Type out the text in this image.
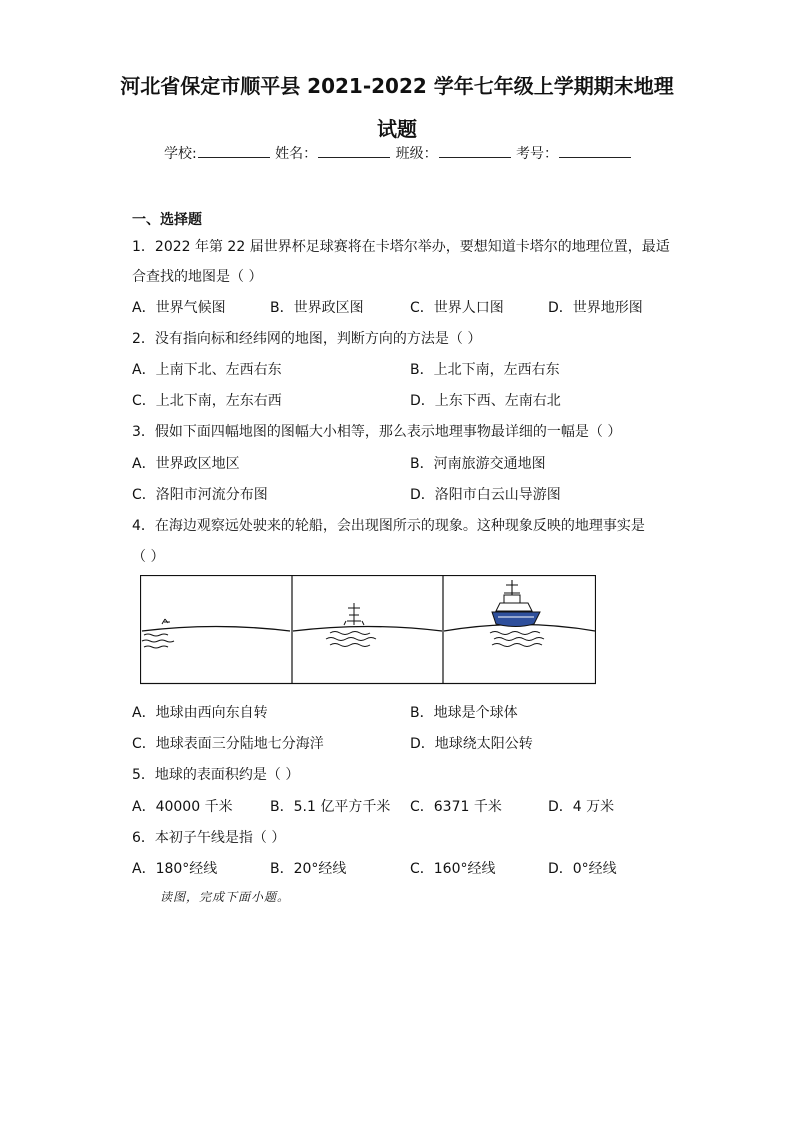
河北省保定市顺平县 2021-2022 学年七年级上学期期末地理
试题
学校:	姓名：	班级：	考号：
一、选择题
1．2022 年第 22 届世界杯足球赛将在卡塔尔举办，要想知道卡塔尔的地理位置，最适
合查找的地图是（ ）
A．世界气候图	B．世界政区图	C．世界人口图	D．世界地形图
2．没有指向标和经纬网的地图，判断方向的方法是（ ）
A．上南下北、左西右东	B．上北下南，左西右东
C．上北下南，左东右西	D．上东下西、左南右北
3．假如下面四幅地图的图幅大小相等，那么表示地理事物最详细的一幅是（ ）
A．世界政区地区	B．河南旅游交通地图
C．洛阳市河流分布图	D．洛阳市白云山导游图
4．在海边观察远处驶来的轮船，会出现图所示的现象。这种现象反映的地理事实是
（ ）
A．地球由西向东自转	B．地球是个球体
C．地球表面三分陆地七分海洋	D．地球绕太阳公转
5．地球的表面积约是（ ）
A．40000 千米	B．5.1 亿平方千米 C．6371 千米	D．4 万米
6．本初子午线是指（ ）
A．180°经线	B．20°经线	C．160°经线	D．0°经线
读图，完成下面小题。
